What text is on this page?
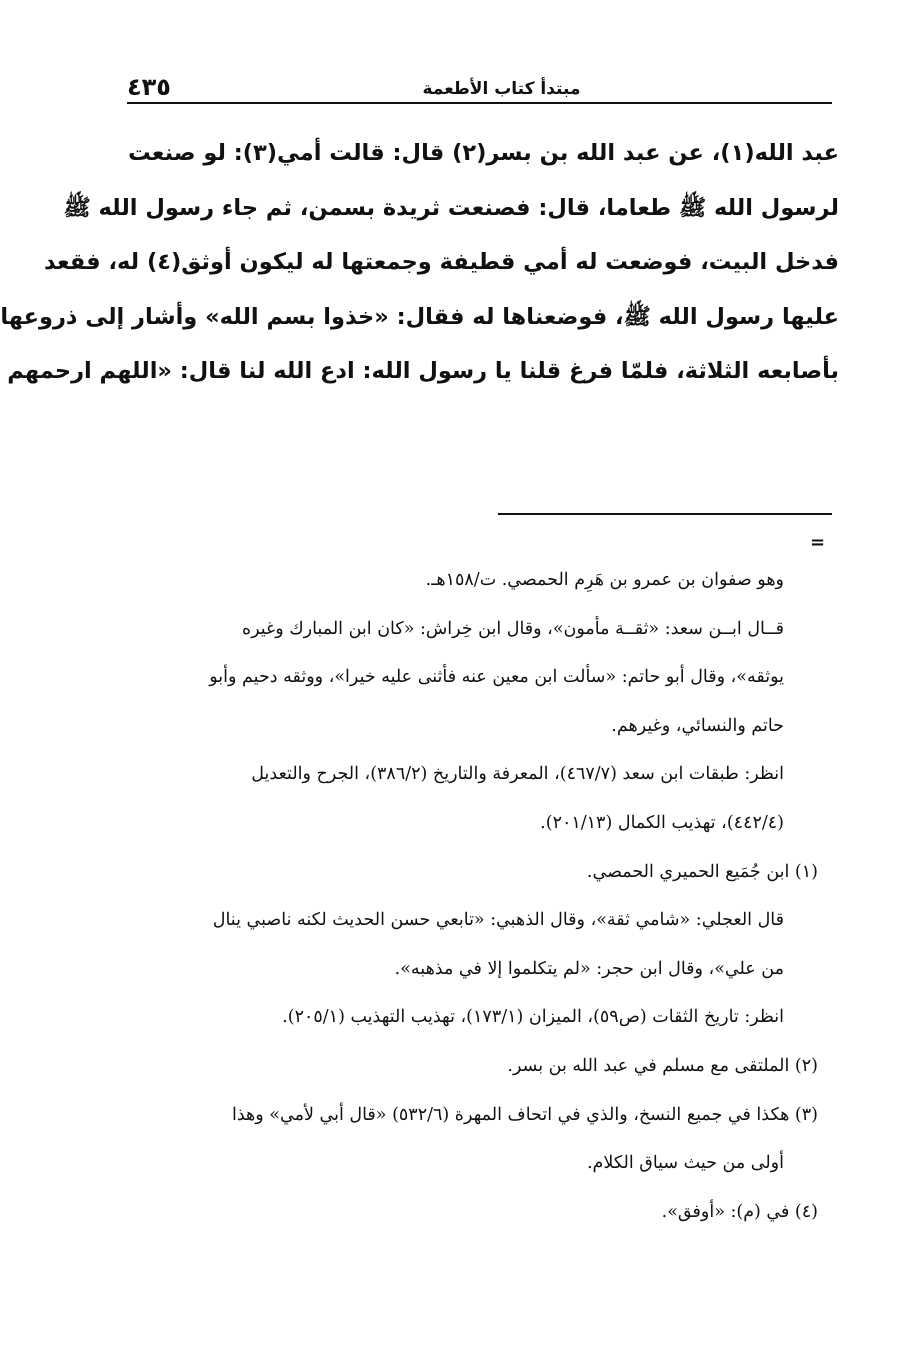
مبتدأ كتاب الأطعمة
٤٣٥
عبد الله(١)، عن عبد الله بن بسر(٢) قال: قالت أمي(٣): لو صنعت
لرسول الله ﷺ طعاما، قال: فصنعت ثريدة بسمن، ثم جاء رسول الله ﷺ
فدخل البيت، فوضعت له أمي قطيفة وجمعتها له ليكون أوثق(٤) له، فقعد
عليها رسول الله ﷺ، فوضعناها له فقال: «خذوا بسم الله» وأشار إلى ذروعها
بأصابعه الثلاثة، فلمّا فرغ قلنا يا رسول الله: ادع الله لنا قال: «اللهم ارحمهم
=
وهو صفوان بن عمرو بن هَرِم الحمصي. ت/١٥٨هـ.
قــال ابــن سعد: «ثقــة مأمون»، وقال ابن خِراش: «كان ابن المبارك وغيره
يوثقه»، وقال أبو حاتم: «سألت ابن معين عنه فأثنى عليه خيرا»، ووثقه دحيم وأبو
حاتم والنسائي، وغيرهم.
انظر: طبقات ابن سعد (٤٦٧/٧)، المعرفة والتاريخ (٣٨٦/٢)، الجرح والتعديل
(٤٤٢/٤)، تهذيب الكمال (٢٠١/١٣).
(١) ابن جُمَيع الحميري الحمصي.
قال العجلي: «شامي ثقة»، وقال الذهبي: «تابعي حسن الحديث لكنه ناصبي ينال
من علي»، وقال ابن حجر: «لم يتكلموا إلا في مذهبه».
انظر: تاريخ الثقات (ص٥٩)، الميزان (١٧٣/١)، تهذيب التهذيب (٢٠٥/١).
(٢) الملتقى مع مسلم في عبد الله بن بسر.
(٣) هكذا في جميع النسخ، والذي في اتحاف المهرة (٥٣٢/٦) «قال أبي لأمي» وهذا
أولى من حيث سياق الكلام.
(٤) في (م): «أوفق».
